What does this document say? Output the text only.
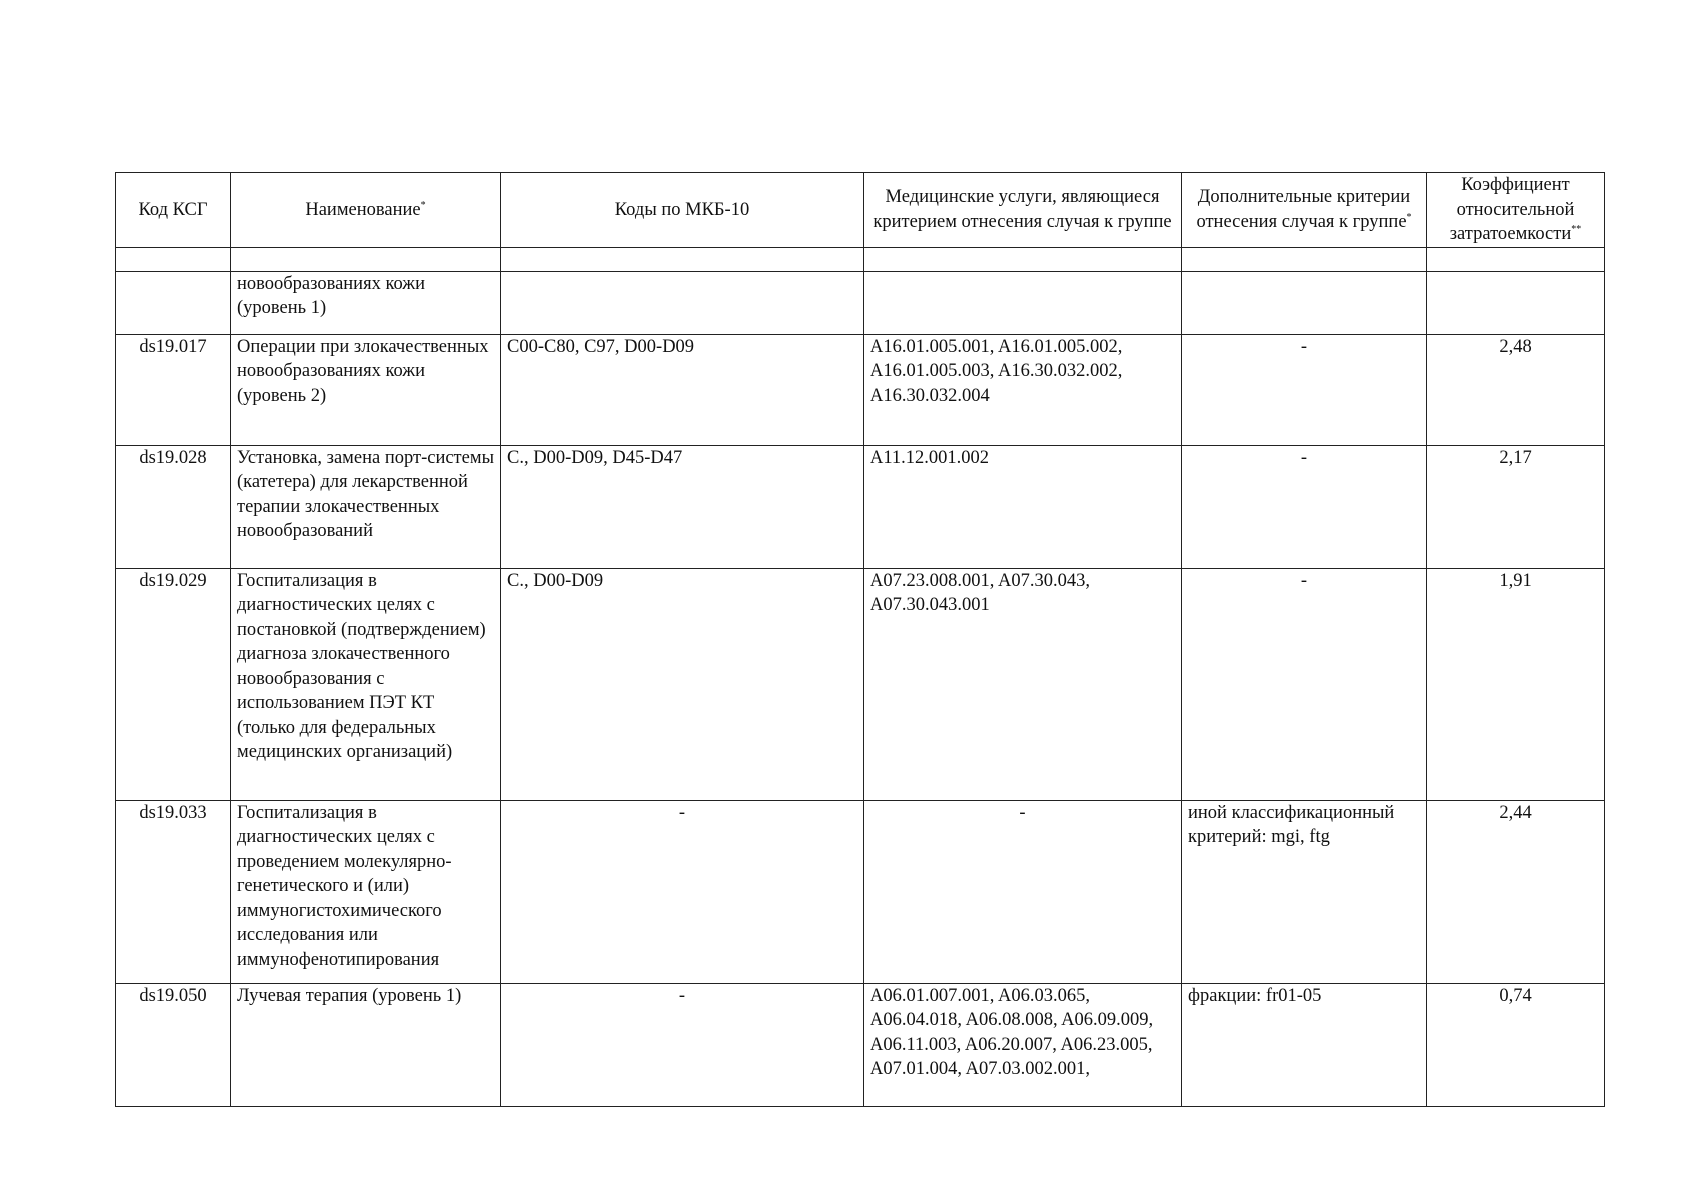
Код КСГ	Наименование*	Коды по МКБ-10	Медицинские услуги, являющиеся критерием отнесения случая к группе	Дополнительные критерии отнесения случая к группе*	Коэффициент относительной затратоемкости**

	новообразованиях кожи (уровень 1)				
ds19.017	Операции при злокачественных новообразованиях кожи (уровень 2)	C00-C80, C97, D00-D09	A16.01.005.001, A16.01.005.002, A16.01.005.003, A16.30.032.002, A16.30.032.004	-	2,48
ds19.028	Установка, замена порт-системы (катетера) для лекарственной терапии злокачественных новообразований	C., D00-D09, D45-D47	A11.12.001.002	-	2,17
ds19.029	Госпитализация в диагностических целях с постановкой (подтверждением) диагноза злокачественного новообразования с использованием ПЭТ КТ (только для федеральных медицинских организаций)	C., D00-D09	A07.23.008.001, A07.30.043, A07.30.043.001	-	1,91
ds19.033	Госпитализация в диагностических целях с проведением молекулярно-генетического и (или) иммуногистохимического исследования или иммунофенотипирования	-	-	иной классификационный критерий: mgi, ftg	2,44
ds19.050	Лучевая терапия (уровень 1)	-	A06.01.007.001, A06.03.065, A06.04.018, A06.08.008, A06.09.009, A06.11.003, A06.20.007, A06.23.005, A07.01.004, A07.03.002.001,	фракции: fr01-05	0,74
